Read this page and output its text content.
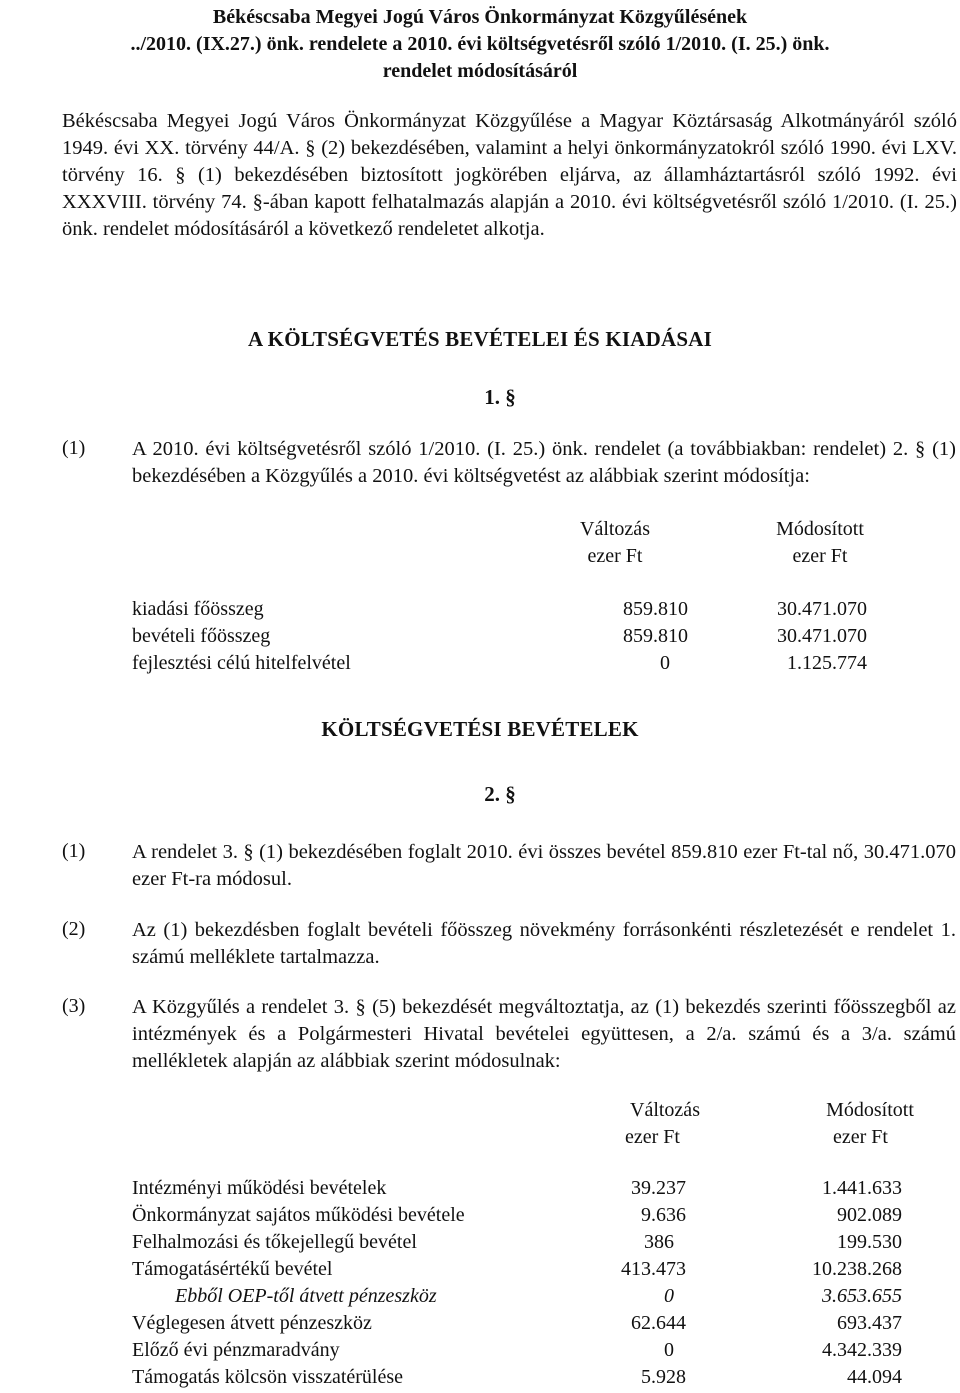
Békéscsaba Megyei Jogú Város Önkormányzat Közgyűlésének
../2010. (IX.27.) önk. rendelete a 2010. évi költségvetésről szóló 1/2010. (I. 25.) önk.
rendelet módosításáról
Békéscsaba Megyei Jogú Város Önkormányzat Közgyűlése a Magyar Köztársaság Alkotmányáról szóló 1949. évi XX. törvény 44/A. § (2) bekezdésében, valamint a helyi önkormányzatokról szóló 1990. évi LXV. törvény 16. § (1) bekezdésében biztosított jogkörében eljárva, az államháztartásról szóló 1992. évi XXXVIII. törvény 74. §-ában kapott felhatalmazás alapján a 2010. évi költségvetésről szóló 1/2010. (I. 25.) önk. rendelet módosításáról a következő rendeletet alkotja.
A KÖLTSÉGVETÉS BEVÉTELEI ÉS KIADÁSAI
1. §
(1) A 2010. évi költségvetésről szóló 1/2010. (I. 25.) önk. rendelet (a továbbiakban: rendelet) 2. § (1) bekezdésében a Közgyűlés a 2010. évi költségvetést az alábbiak szerint módosítja:
Változás
ezer Ft
Módosított
ezer Ft
kiadási főösszeg	859.810	30.471.070
bevételi főösszeg	859.810	30.471.070
fejlesztési célú hitelfelvétel	0	1.125.774
KÖLTSÉGVETÉSI BEVÉTELEK
2. §
(1) A rendelet 3. § (1) bekezdésében foglalt 2010. évi összes bevétel 859.810 ezer Ft-tal nő, 30.471.070 ezer Ft-ra módosul.
(2) Az (1) bekezdésben foglalt bevételi főösszeg növekmény forrásonkénti részletezését e rendelet 1. számú melléklete tartalmazza.
(3) A Közgyűlés a rendelet 3. § (5) bekezdését megváltoztatja, az (1) bekezdés szerinti főösszegből az intézmények és a Polgármesteri Hivatal bevételei együttesen, a 2/a. számú és a 3/a. számú mellékletek alapján az alábbiak szerint módosulnak:
Változás
ezer Ft
Módosított
ezer Ft
Intézményi működési bevételek	39.237	1.441.633
Önkormányzat sajátos működési bevétele	9.636	902.089
Felhalmozási és tőkejellegű bevétel	386	199.530
Támogatásértékű bevétel	413.473	10.238.268
Ebből OEP-től átvett pénzeszköz	0	3.653.655
Véglegesen átvett pénzeszköz	62.644	693.437
Előző évi pénzmaradvány	0	4.342.339
Támogatás kölcsön visszatérülése	5.928	44.094
